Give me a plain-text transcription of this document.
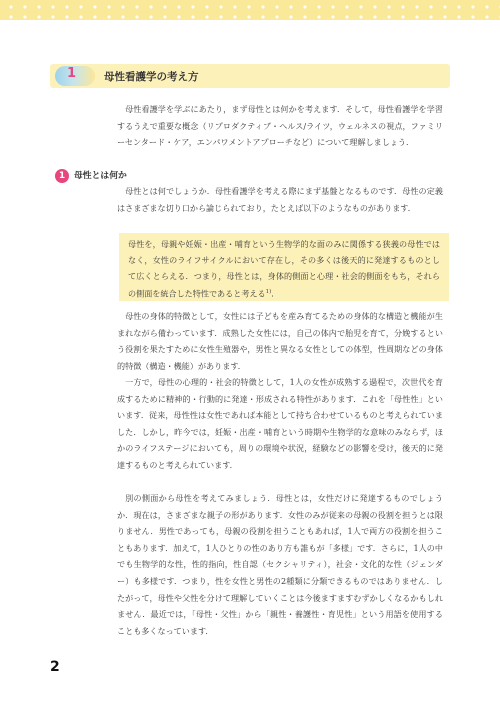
1	母性看護学の考え方

母性看護学を学ぶにあたり，まず母性とは何かを考えます．そして，母性看護学を学習するうえで重要な概念（リプロダクティブ・ヘルス/ライツ，ウェルネスの視点，ファミリーセンタード・ケア，エンパワメントアプローチなど）について理解しましょう．

1	母性とは何か

母性とは何でしょうか．母性看護学を考える際にまず基盤となるものです．母性の定義はさまざまな切り口から論じられており，たとえば以下のようなものがあります．

母性を，母親や妊娠・出産・哺育という生物学的な面のみに関係する狭義の母性ではなく，女性のライフサイクルにおいて存在し，その多くは後天的に発達するものとして広くとらえる．つまり，母性とは，身体的側面と心理・社会的側面をもち，それらの側面を統合した特性であると考える$^{1)}$．

母性の身体的特徴として，女性には子どもを産み育てるための身体的な構造と機能が生まれながら備わっています．成熟した女性には，自己の体内で胎児を育て，分娩するという役割を果たすために女性生殖器や，男性と異なる女性としての体型，性周期などの身体的特徴（構造・機能）があります．

一方で，母性の心理的・社会的特徴として，1人の女性が成熟する過程で，次世代を育成するために精神的・行動的に発達・形成される特性があります．これを「母性性」といいます．従来，母性性は女性であれば本能として持ち合わせているものと考えられていました．しかし，昨今では，妊娠・出産・哺育という時期や生物学的な意味のみならず，ほかのライフステージにおいても，周りの環境や状況，経験などの影響を受け，後天的に発達するものと考えられています．

別の側面から母性を考えてみましょう．母性とは，女性だけに発達するものでしょうか．現在は，さまざまな親子の形があります．女性のみが従来の母親の役割を担うとは限りません．男性であっても，母親の役割を担うこともあれば，1人で両方の役割を担うこともあります．加えて，1人ひとりの性のあり方も誰もが「多様」です．さらに，1人の中でも生物学的な性，性的指向，性自認（セクシャリティ），社会・文化的な性（ジェンダー）も多様です．つまり，性を女性と男性の2種類に分類できるものではありません．したがって，母性や父性を分けて理解していくことは今後ますますむずかしくなるかもしれません．最近では，「母性・父性」から「親性・養護性・育児性」という用語を使用することも多くなっています．

2
